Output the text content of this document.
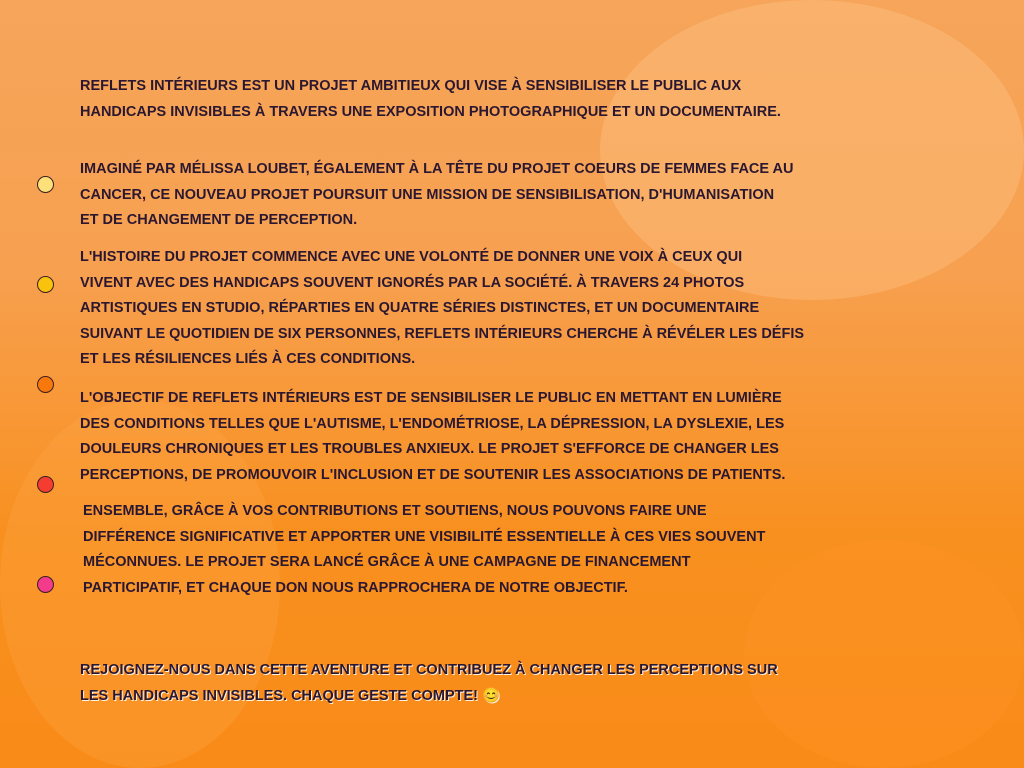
REFLETS INTÉRIEURS EST UN PROJET AMBITIEUX QUI VISE À SENSIBILISER LE PUBLIC AUX
HANDICAPS INVISIBLES À TRAVERS UNE EXPOSITION PHOTOGRAPHIQUE ET UN DOCUMENTAIRE.
IMAGINÉ PAR MÉLISSA LOUBET, ÉGALEMENT À LA TÊTE DU PROJET COEURS DE FEMMES FACE AU
CANCER, CE NOUVEAU PROJET POURSUIT UNE MISSION DE SENSIBILISATION, D'HUMANISATION
ET DE CHANGEMENT DE PERCEPTION.
L'HISTOIRE DU PROJET COMMENCE AVEC UNE VOLONTÉ DE DONNER UNE VOIX À CEUX QUI
VIVENT AVEC DES HANDICAPS SOUVENT IGNORÉS PAR LA SOCIÉTÉ. À TRAVERS 24 PHOTOS
ARTISTIQUES EN STUDIO, RÉPARTIES EN QUATRE SÉRIES DISTINCTES, ET UN DOCUMENTAIRE
SUIVANT LE QUOTIDIEN DE SIX PERSONNES, REFLETS INTÉRIEURS CHERCHE À RÉVÉLER LES DÉFIS
ET LES RÉSILIENCES LIÉS À CES CONDITIONS.
L'OBJECTIF DE REFLETS INTÉRIEURS EST DE SENSIBILISER LE PUBLIC EN METTANT EN LUMIÈRE
DES CONDITIONS TELLES QUE L'AUTISME, L'ENDOMÉTRIOSE, LA DÉPRESSION, LA DYSLEXIE, LES
DOULEURS CHRONIQUES ET LES TROUBLES ANXIEUX. LE PROJET S'EFFORCE DE CHANGER LES
PERCEPTIONS, DE PROMOUVOIR L'INCLUSION ET DE SOUTENIR LES ASSOCIATIONS DE PATIENTS.
ENSEMBLE, GRÂCE À VOS CONTRIBUTIONS ET SOUTIENS, NOUS POUVONS FAIRE UNE
DIFFÉRENCE SIGNIFICATIVE ET APPORTER UNE VISIBILITÉ ESSENTIELLE À CES VIES SOUVENT
MÉCONNUES. LE PROJET SERA LANCÉ GRÂCE À UNE CAMPAGNE DE FINANCEMENT
PARTICIPATIF, ET CHAQUE DON NOUS RAPPROCHERA DE NOTRE OBJECTIF.
REJOIGNEZ-NOUS DANS CETTE AVENTURE ET CONTRIBUEZ À CHANGER LES PERCEPTIONS SUR
LES HANDICAPS INVISIBLES. CHAQUE GESTE COMPTE! 😊
